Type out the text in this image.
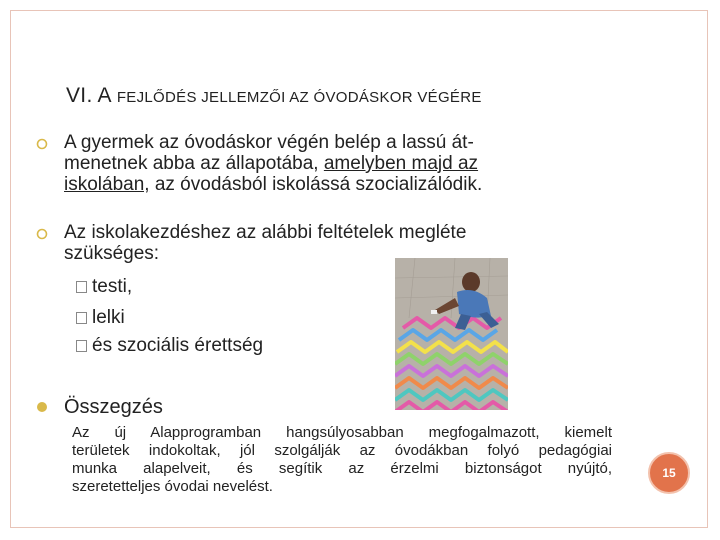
VI. A FEJLŐDÉS JELLEMZŐI AZ ÓVODÁSKOR VÉGÉRE
A gyermek az óvodáskor végén belép a lassú át-
menetnek abba az állapotába, amelyben majd az
iskolában, az óvodásból iskolássá szocializálódik.
Az iskolakezdéshez az alábbi feltételek megléte
szükséges:
testi,
lelki
és szociális érettség
Összegzés
Az új Alapprogramban hangsúlyosabban megfogalmazott, kiemelt
területek indokoltak, jól szolgálják az óvodákban folyó pedagógiai
munka alapelveit, és segítik az érzelmi biztonságot nyújtó,
szeretetteljes óvodai nevelést.
15
